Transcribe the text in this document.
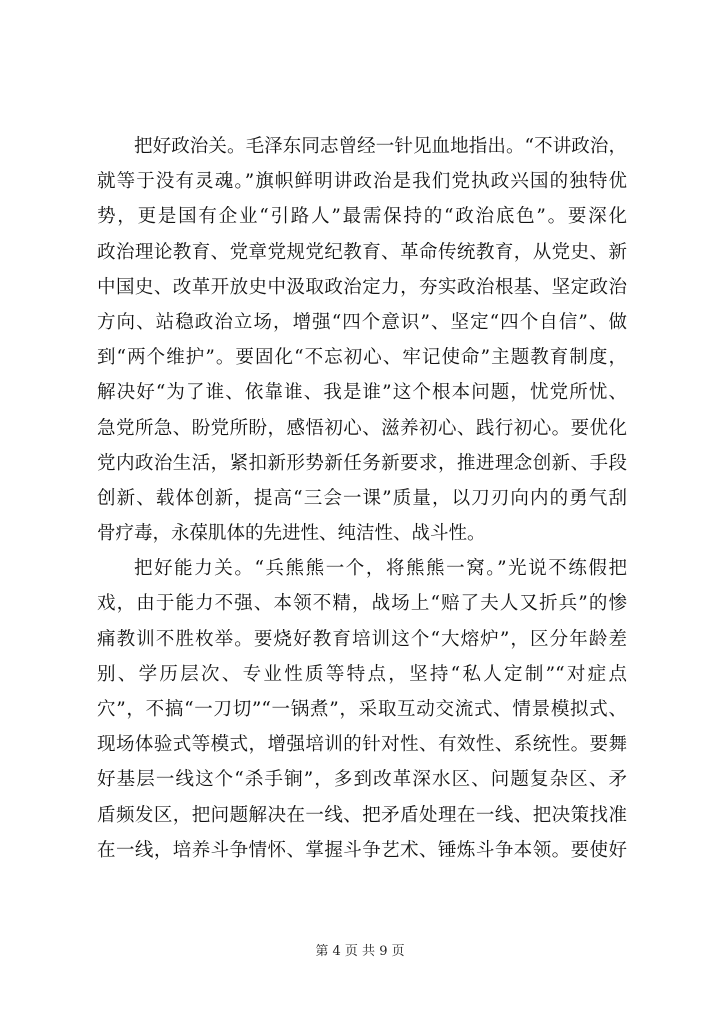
把好政治关。毛泽东同志曾经一针见血地指出。“不讲政治，
就等于没有灵魂。”旗帜鲜明讲政治是我们党执政兴国的独特优
势，更是国有企业“引路人”最需保持的“政治底色”。要深化
政治理论教育、党章党规党纪教育、革命传统教育，从党史、新
中国史、改革开放史中汲取政治定力，夯实政治根基、坚定政治
方向、站稳政治立场，增强“四个意识”、坚定“四个自信”、做
到“两个维护”。要固化“不忘初心、牢记使命”主题教育制度，
解决好“为了谁、依靠谁、我是谁”这个根本问题，忧党所忧、
急党所急、盼党所盼，感悟初心、滋养初心、践行初心。要优化
党内政治生活，紧扣新形势新任务新要求，推进理念创新、手段
创新、载体创新，提高“三会一课”质量，以刀刃向内的勇气刮
骨疗毒，永葆肌体的先进性、纯洁性、战斗性。
把好能力关。“兵熊熊一个，将熊熊一窝。”光说不练假把
戏，由于能力不强、本领不精，战场上“赔了夫人又折兵”的惨
痛教训不胜枚举。要烧好教育培训这个“大熔炉”，区分年龄差
别、学历层次、专业性质等特点，坚持“私人定制”“对症点
穴”，不搞“一刀切”“一锅煮”，采取互动交流式、情景模拟式、
现场体验式等模式，增强培训的针对性、有效性、系统性。要舞
好基层一线这个“杀手锏”，多到改革深水区、问题复杂区、矛
盾频发区，把问题解决在一线、把矛盾处理在一线、把决策找准
在一线，培养斗争情怀、掌握斗争艺术、锤炼斗争本领。要使好
第 4 页 共 9 页
